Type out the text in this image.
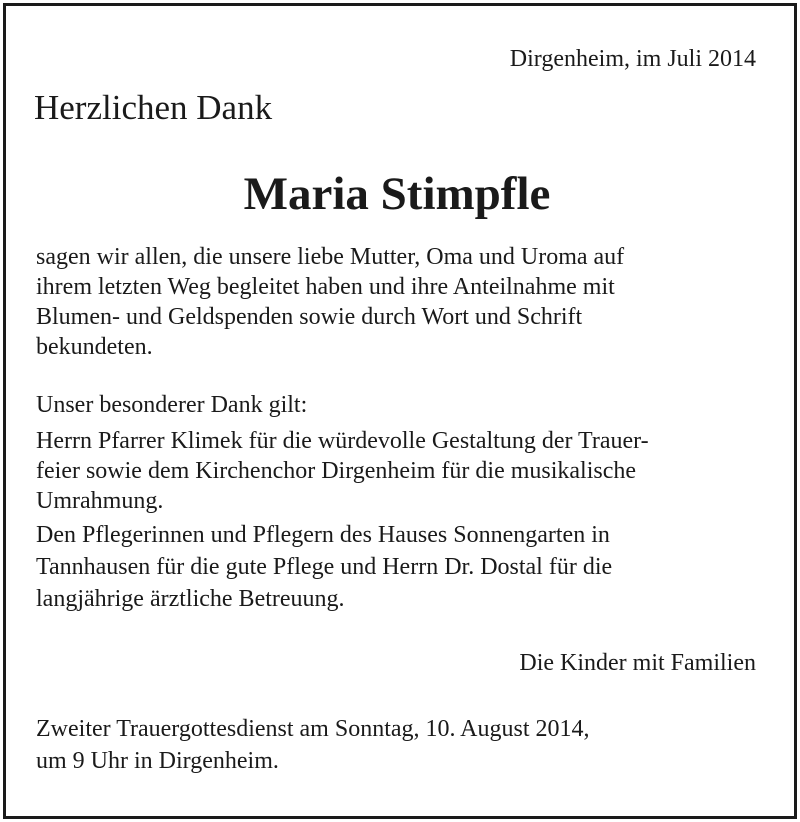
Dirgenheim, im Juli 2014
Herzlichen Dank
Maria Stimpfle
sagen wir allen, die unsere liebe Mutter, Oma und Uroma auf
ihrem letzten Weg begleitet haben und ihre Anteilnahme mit
Blumen- und Geldspenden sowie durch Wort und Schrift
bekundeten.
Unser besonderer Dank gilt:
Herrn Pfarrer Klimek für die würdevolle Gestaltung der Trauer-
feier sowie dem Kirchenchor Dirgenheim für die musikalische
Umrahmung.
Den Pflegerinnen und Pflegern des Hauses Sonnengarten in
Tannhausen für die gute Pflege und Herrn Dr. Dostal für die
langjährige ärztliche Betreuung.
Die Kinder mit Familien
Zweiter Trauergottesdienst am Sonntag, 10. August 2014,
um 9 Uhr in Dirgenheim.
